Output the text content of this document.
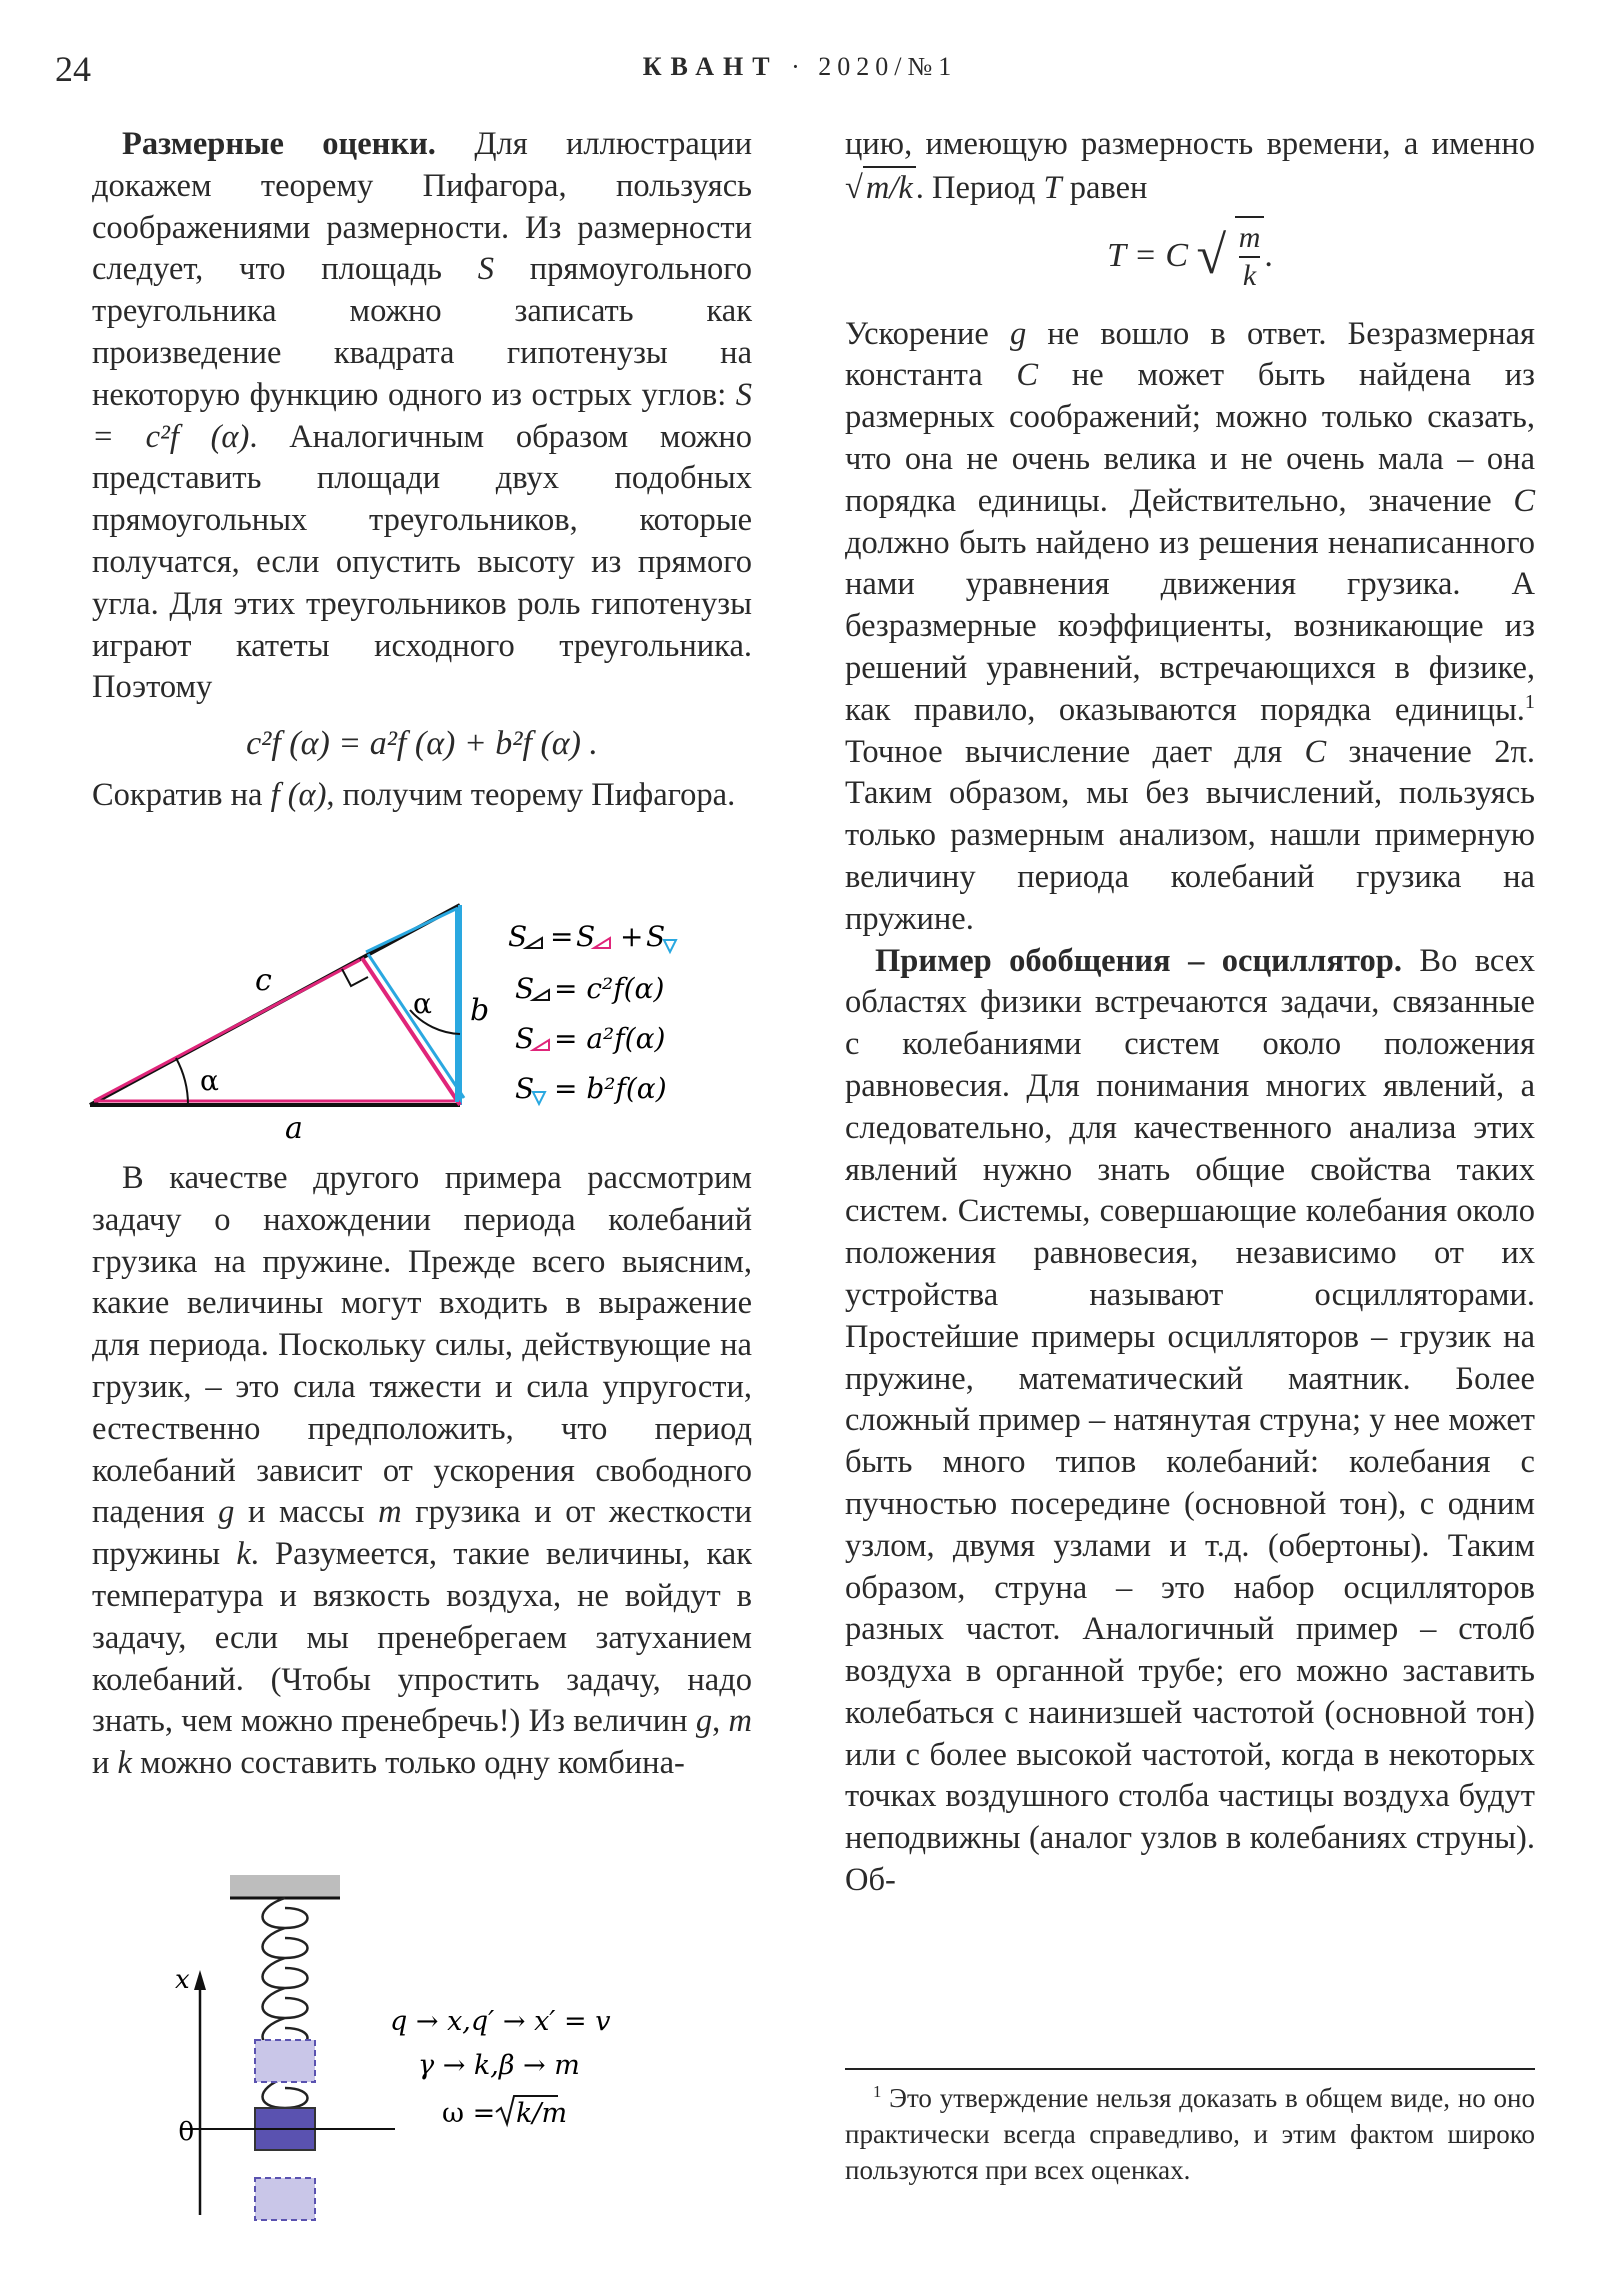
24	КВАНТ · 2020/№1

Размерные оценки. Для иллюстрации докажем теорему Пифагора, пользуясь соображениями размерности. Из размерности следует, что площадь S прямоугольного треугольника можно записать как произведение квадрата гипотенузы на некоторую функцию одного из острых углов: S = c²f (α). Аналогичным образом можно представить площади двух подобных прямоугольных треугольников, которые получатся, если опустить высоту из прямого угла. Для этих треугольников роль гипотенузы играют катеты исходного треугольника. Поэтому

c²f (α) = a²f (α) + b²f (α) .

Сократив на f (α), получим теорему Пифагора.

c
a
b
α
α
S = S + S
S = c²f(α)
S = a²f(α)
S = b²f(α)

В качестве другого примера рассмотрим задачу о нахождении периода колебаний грузика на пружине. Прежде всего выясним, какие величины могут входить в выражение для периода. Поскольку силы, действующие на грузик, – это сила тяжести и сила упругости, естественно предположить, что период колебаний зависит от ускорения свободного падения g и массы m грузика и от жесткости пружины k. Разумеется, такие величины, как температура и вязкость воздуха, не войдут в задачу, если мы пренебрегаем затуханием колебаний. (Чтобы упростить задачу, надо знать, чем можно пренебречь!) Из величин g, m и k можно составить только одну комбина-

x
0
q → x,q′ → x′ = v
γ → k,β → m
ω = k/m

цию, имеющую размерность времени, а именно √m/k. Период T равен

T = C √ $\frac{m}{k}$ .

Ускорение g не вошло в ответ. Безразмерная константа C не может быть найдена из размерных соображений; можно только сказать, что она не очень велика и не очень мала – она порядка единицы. Действительно, значение C должно быть найдено из решения ненаписанного нами уравнения движения грузика. А безразмерные коэффициенты, возникающие из решений уравнений, встречающихся в физике, как правило, оказываются порядка единицы.$^1$ Точное вычисление дает для C значение 2π. Таким образом, мы без вычислений, пользуясь только размерным анализом, нашли примерную величину периода колебаний грузика на пружине.

Пример обобщения – осциллятор. Во всех областях физики встречаются задачи, связанные с колебаниями систем около положения равновесия. Для понимания многих явлений, а следовательно, для качественного анализа этих явлений нужно знать общие свойства таких систем. Системы, совершающие колебания около положения равновесия, независимо от их устройства называют осцилляторами. Простейшие примеры осцилляторов – грузик на пружине, математический маятник. Более сложный пример – натянутая струна; у нее может быть много типов колебаний: колебания с пучностью посередине (основной тон), с одним узлом, двумя узлами и т.д. (обертоны). Таким образом, струна – это набор осцилляторов разных частот. Аналогичный пример – столб воздуха в органной трубе; его можно заставить колебаться с наинизшей частотой (основной тон) или с более высокой частотой, когда в некоторых точках воздушного столба частицы воздуха будут неподвижны (аналог узлов в колебаниях струны). Об-

$^1$ Это утверждение нельзя доказать в общем виде, но оно практически всегда справедливо, и этим фактом широко пользуются при всех оценках.
